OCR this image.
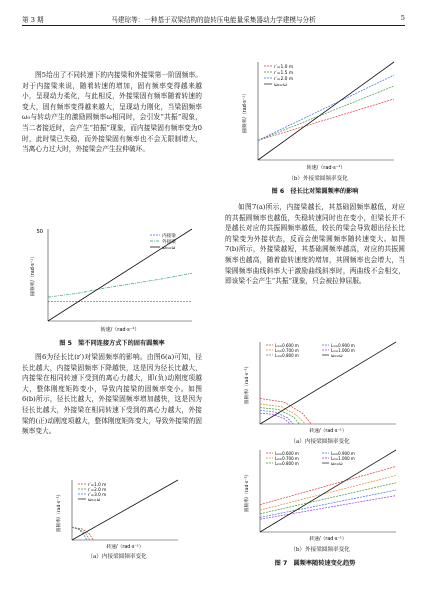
第 3 期	马建琮等：一种基于双梁结构的旋转压电能量采集器动力学建模与分析	5

图5给出了不同转速下的内接梁和外接梁第一阶固频率。对于内接梁来说，随着转速的增加，固有频率变得越来越小，呈现动力柔化，与此相反，外接梁固有频率随着转速的变大，固有频率变得越来越大，呈现动力刚化，当梁固频率ω₀与转动产生的激励圆频率ω相同时，会引发“共振”现象，当二者接近时，会产生“拍振”现象，而内接梁固有频率变为0时，此时梁已失稳，而外接梁固有频率也不会无限制增大，当离心力过大时，外接梁会产生拉伸破坏。

50
圆频率/（rad·s⁻¹）
转速/（rad·s⁻¹）
内接梁
外接梁
ω₀=ω
图 5　梁不同连接方式下的固有圆频率

图6为径长比(r′)对梁固频率的影响。由图6(a)可知，径长比越大，内接梁固频率下降越快，这是因为径长比越大，内接梁在相同转速下受到的离心力越大，即(负)动刚度项越大，整体刚度矩阵变小，导致内接梁的固频率变小。如图6(b)所示，径长比越大，外接梁固频率增加越快，这是因为径长比越大，外接梁在相同转速下受到的离心力越大，外接梁的(正)动刚度项越大，整体刚度矩阵变大，导致外接梁的固频率变大。

圆频率/（rad·s⁻¹）
转速/（rad·s⁻¹）
r′=1.0 m
r′=2.0 m
r′=3.0 m
ω₀=ω
（a）内接梁圆频率变化
圆频率/（rad·s⁻¹）
转速/（rad·s⁻¹）
r′=1.0 m
r′=1.5 m
r′=2.0 m
ω₀=ω
（b）外接梁圆频率变化
图 6　径长比对梁圆频率的影响

如图7(a)所示，内接梁越长，其基础固频率越低，对应的共振圆频率也越低，失稳转速同时也在变小，但梁长并不是越长对应的共振圆频率越低，较长的梁会导致超出径长比的梁变为外接状态，反而会使梁圆频率随转速变大。如图7(b)所示，外接梁越短，其基础圆频率越高，对应的共振圆频率也越高，随着旋转速度的增加，其圆频率也会增大，当梁圆频率曲线斜率大于激励曲线斜率时，两曲线不会相交，即该梁不会产生“共振”现象，只会被拉伸屈服。

圆频率/（rad·s⁻¹）
转速/（rad·s⁻¹）
L₁=0.600 m
L₁=0.700 m
L₁=0.800 m
L₁=0.900 m
L₁=1.000 m
ω₀=ω
（a）内接梁圆频率变化
圆频率/（rad·s⁻¹）
转速/（rad·s⁻¹）
L₂=0.600 m
L₂=0.700 m
L₂=0.800 m
L₂=0.900 m
L₂=1.000 m
ω₀=ω
（b）外接梁圆频率变化
图 7　圆频率随转速变化趋势
